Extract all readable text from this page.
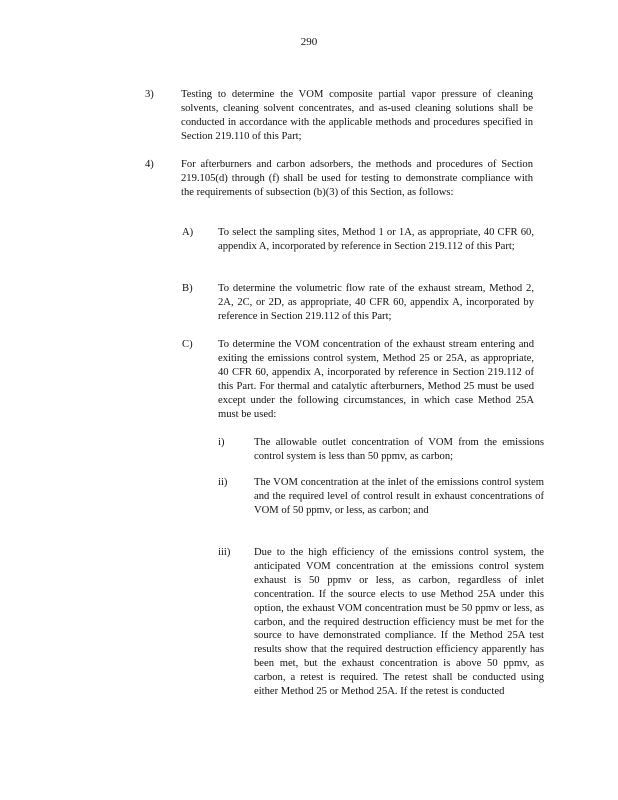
290
3)	Testing to determine the VOM composite partial vapor pressure of cleaning solvents, cleaning solvent concentrates, and as-used cleaning solutions shall be conducted in accordance with the applicable methods and procedures specified in Section 219.110 of this Part;
4)	For afterburners and carbon adsorbers, the methods and procedures of Section 219.105(d) through (f) shall be used for testing to demonstrate compliance with the requirements of subsection (b)(3) of this Section, as follows:
A) To select the sampling sites, Method 1 or 1A, as appropriate, 40 CFR 60, appendix A, incorporated by reference in Section 219.112 of this Part;
B) To determine the volumetric flow rate of the exhaust stream, Method 2, 2A, 2C, or 2D, as appropriate, 40 CFR 60, appendix A, incorporated by reference in Section 219.112 of this Part;
C) To determine the VOM concentration of the exhaust stream entering and exiting the emissions control system, Method 25 or 25A, as appropriate, 40 CFR 60, appendix A, incorporated by reference in Section 219.112 of this Part. For thermal and catalytic afterburners, Method 25 must be used except under the following circumstances, in which case Method 25A must be used:
i)	The allowable outlet concentration of VOM from the emissions control system is less than 50 ppmv, as carbon;
ii)	The VOM concentration at the inlet of the emissions control system and the required level of control result in exhaust concentrations of VOM of 50 ppmv, or less, as carbon; and
iii) Due to the high efficiency of the emissions control system, the anticipated VOM concentration at the emissions control system exhaust is 50 ppmv or less, as carbon, regardless of inlet concentration. If the source elects to use Method 25A under this option, the exhaust VOM concentration must be 50 ppmv or less, as carbon, and the required destruction efficiency must be met for the source to have demonstrated compliance. If the Method 25A test results show that the required destruction efficiency apparently has been met, but the exhaust concentration is above 50 ppmv, as carbon, a retest is required. The retest shall be conducted using either Method 25 or Method 25A. If the retest is conducted
